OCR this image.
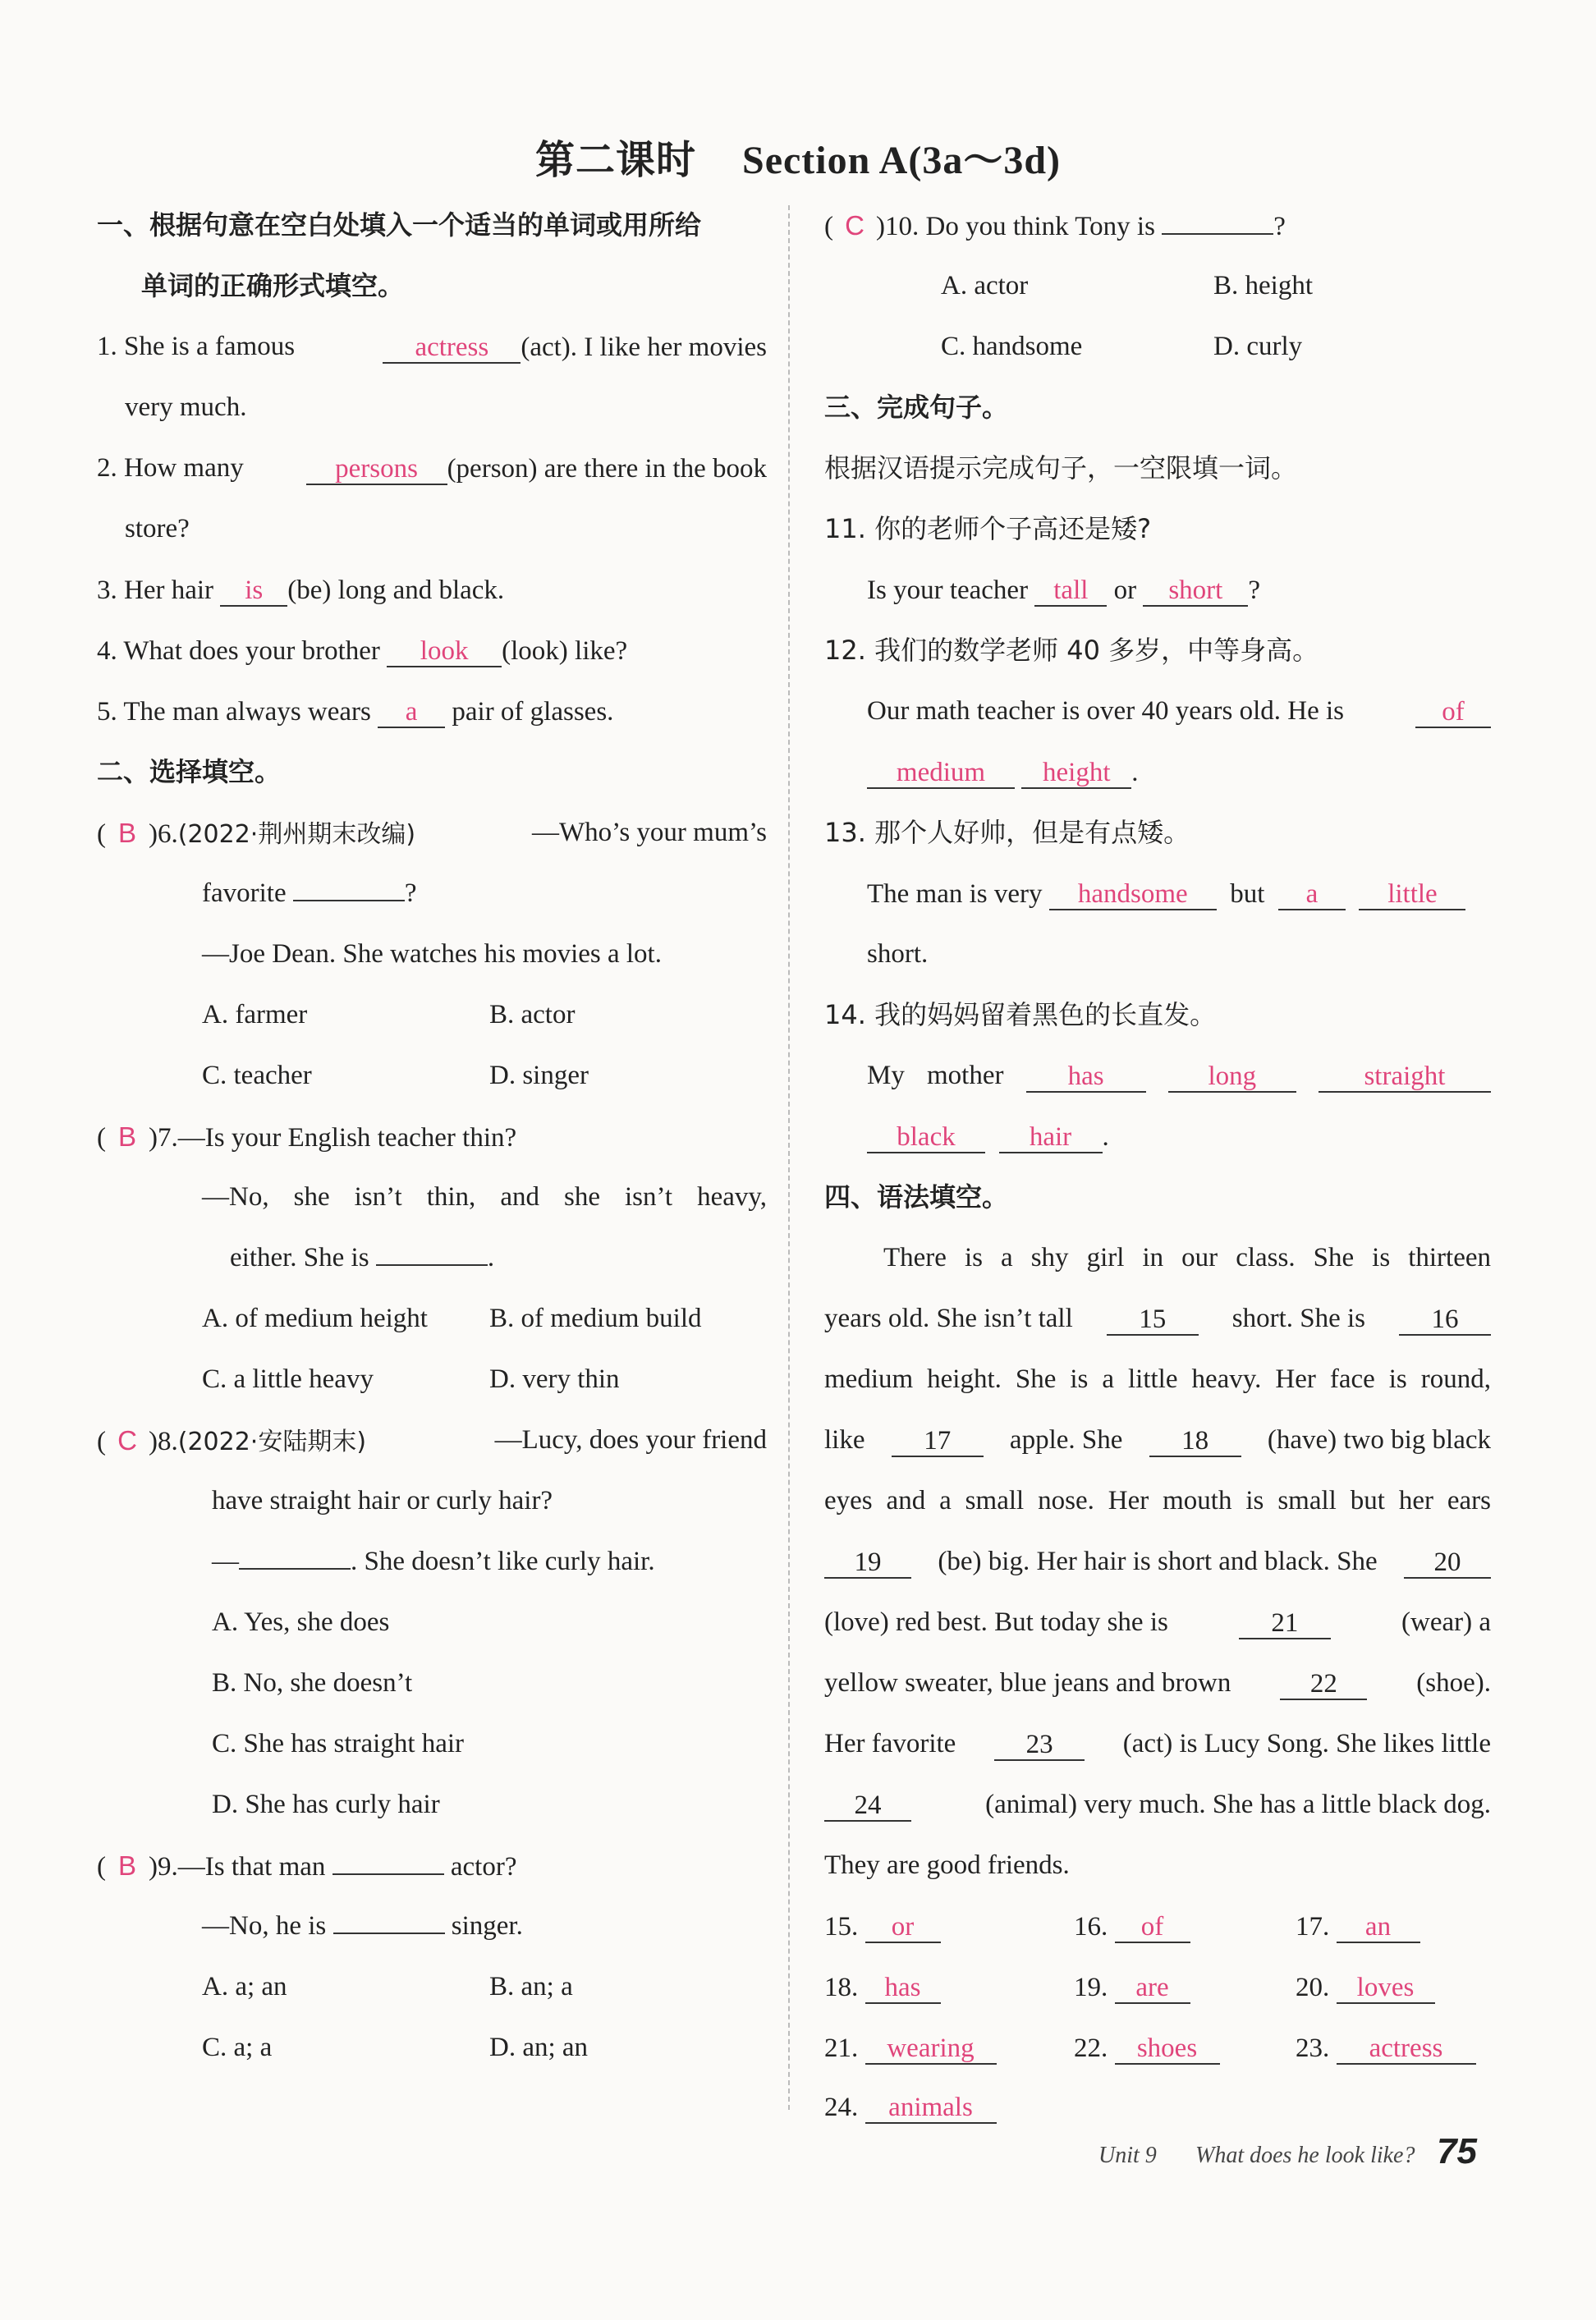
第二课时 Section A(3a～3d)
一、根据句意在空白处填入一个适当的单词或用所给
单词的正确形式填空。
1. She is a famous	actress (act). I like her movies
very much.
2. How many	persons (person) are there in the book
store?
3. Her hair is (be) long and black.
4. What does your brother look (look) like?
5. The man always wears a pair of glasses.
二、选择填空。
( B )6.(2022·荆州期末改编)	—Who’s your mum’s
favorite	?
—Joe Dean. She watches his movies a lot.
A. farmer	B. actor
C. teacher	D. singer
( B )7.—Is your English teacher thin?
—No, she isn’t thin, and she isn’t heavy,
either. She is	.
A. of medium height B. of medium build
C. a little heavy	D. very thin
( C )8.(2022·安陆期末)	—Lucy, does your friend
have straight hair or curly hair?
—	. She doesn’t like curly hair.
A. Yes, she does
B. No, she doesn’t
C. She has straight hair
D. She has curly hair
( B )9.—Is that man	actor?
—No, he is	singer.
A. a; an	B. an; a
C. a; a	D. an; an
( C )10. Do you think Tony is	?
A. actor	B. height
C. handsome	D. curly
三、完成句子。
根据汉语提示完成句子，一空限填一词。
11. 你的老师个子高还是矮?
Is your teacher tall or short ?
12. 我们的数学老师 40 多岁，中等身高。
Our math teacher is over 40 years old. He is	of
medium height .
13. 那个人好帅，但是有点矮。
The man is very handsome but a	little
short.
14. 我的妈妈留着黑色的长直发。
My mother	has	long	straight
black	hair .
四、语法填空。
There is a shy girl in our class. She is thirteen
years old. She isn’t tall	15	short. She is	16
medium height. She is a little heavy. Her face is round,
like	17	apple. She	18	(have) two big black
eyes and a small nose. Her mouth is small but her ears
19	(be) big. Her hair is short and black. She	20
(love) red best. But today she is	21	(wear) a
yellow sweater, blue jeans and brown	22	(shoe).
Her favorite	23	(act) is Lucy Song. She likes little
24	(animal) very much. She has a little black dog.
They are good friends.
15. or	16. of	17. an
18. has	19. are	20. loves
21. wearing	22. shoes	23. actress
24. animals
Unit 9 What does he look like? 75
